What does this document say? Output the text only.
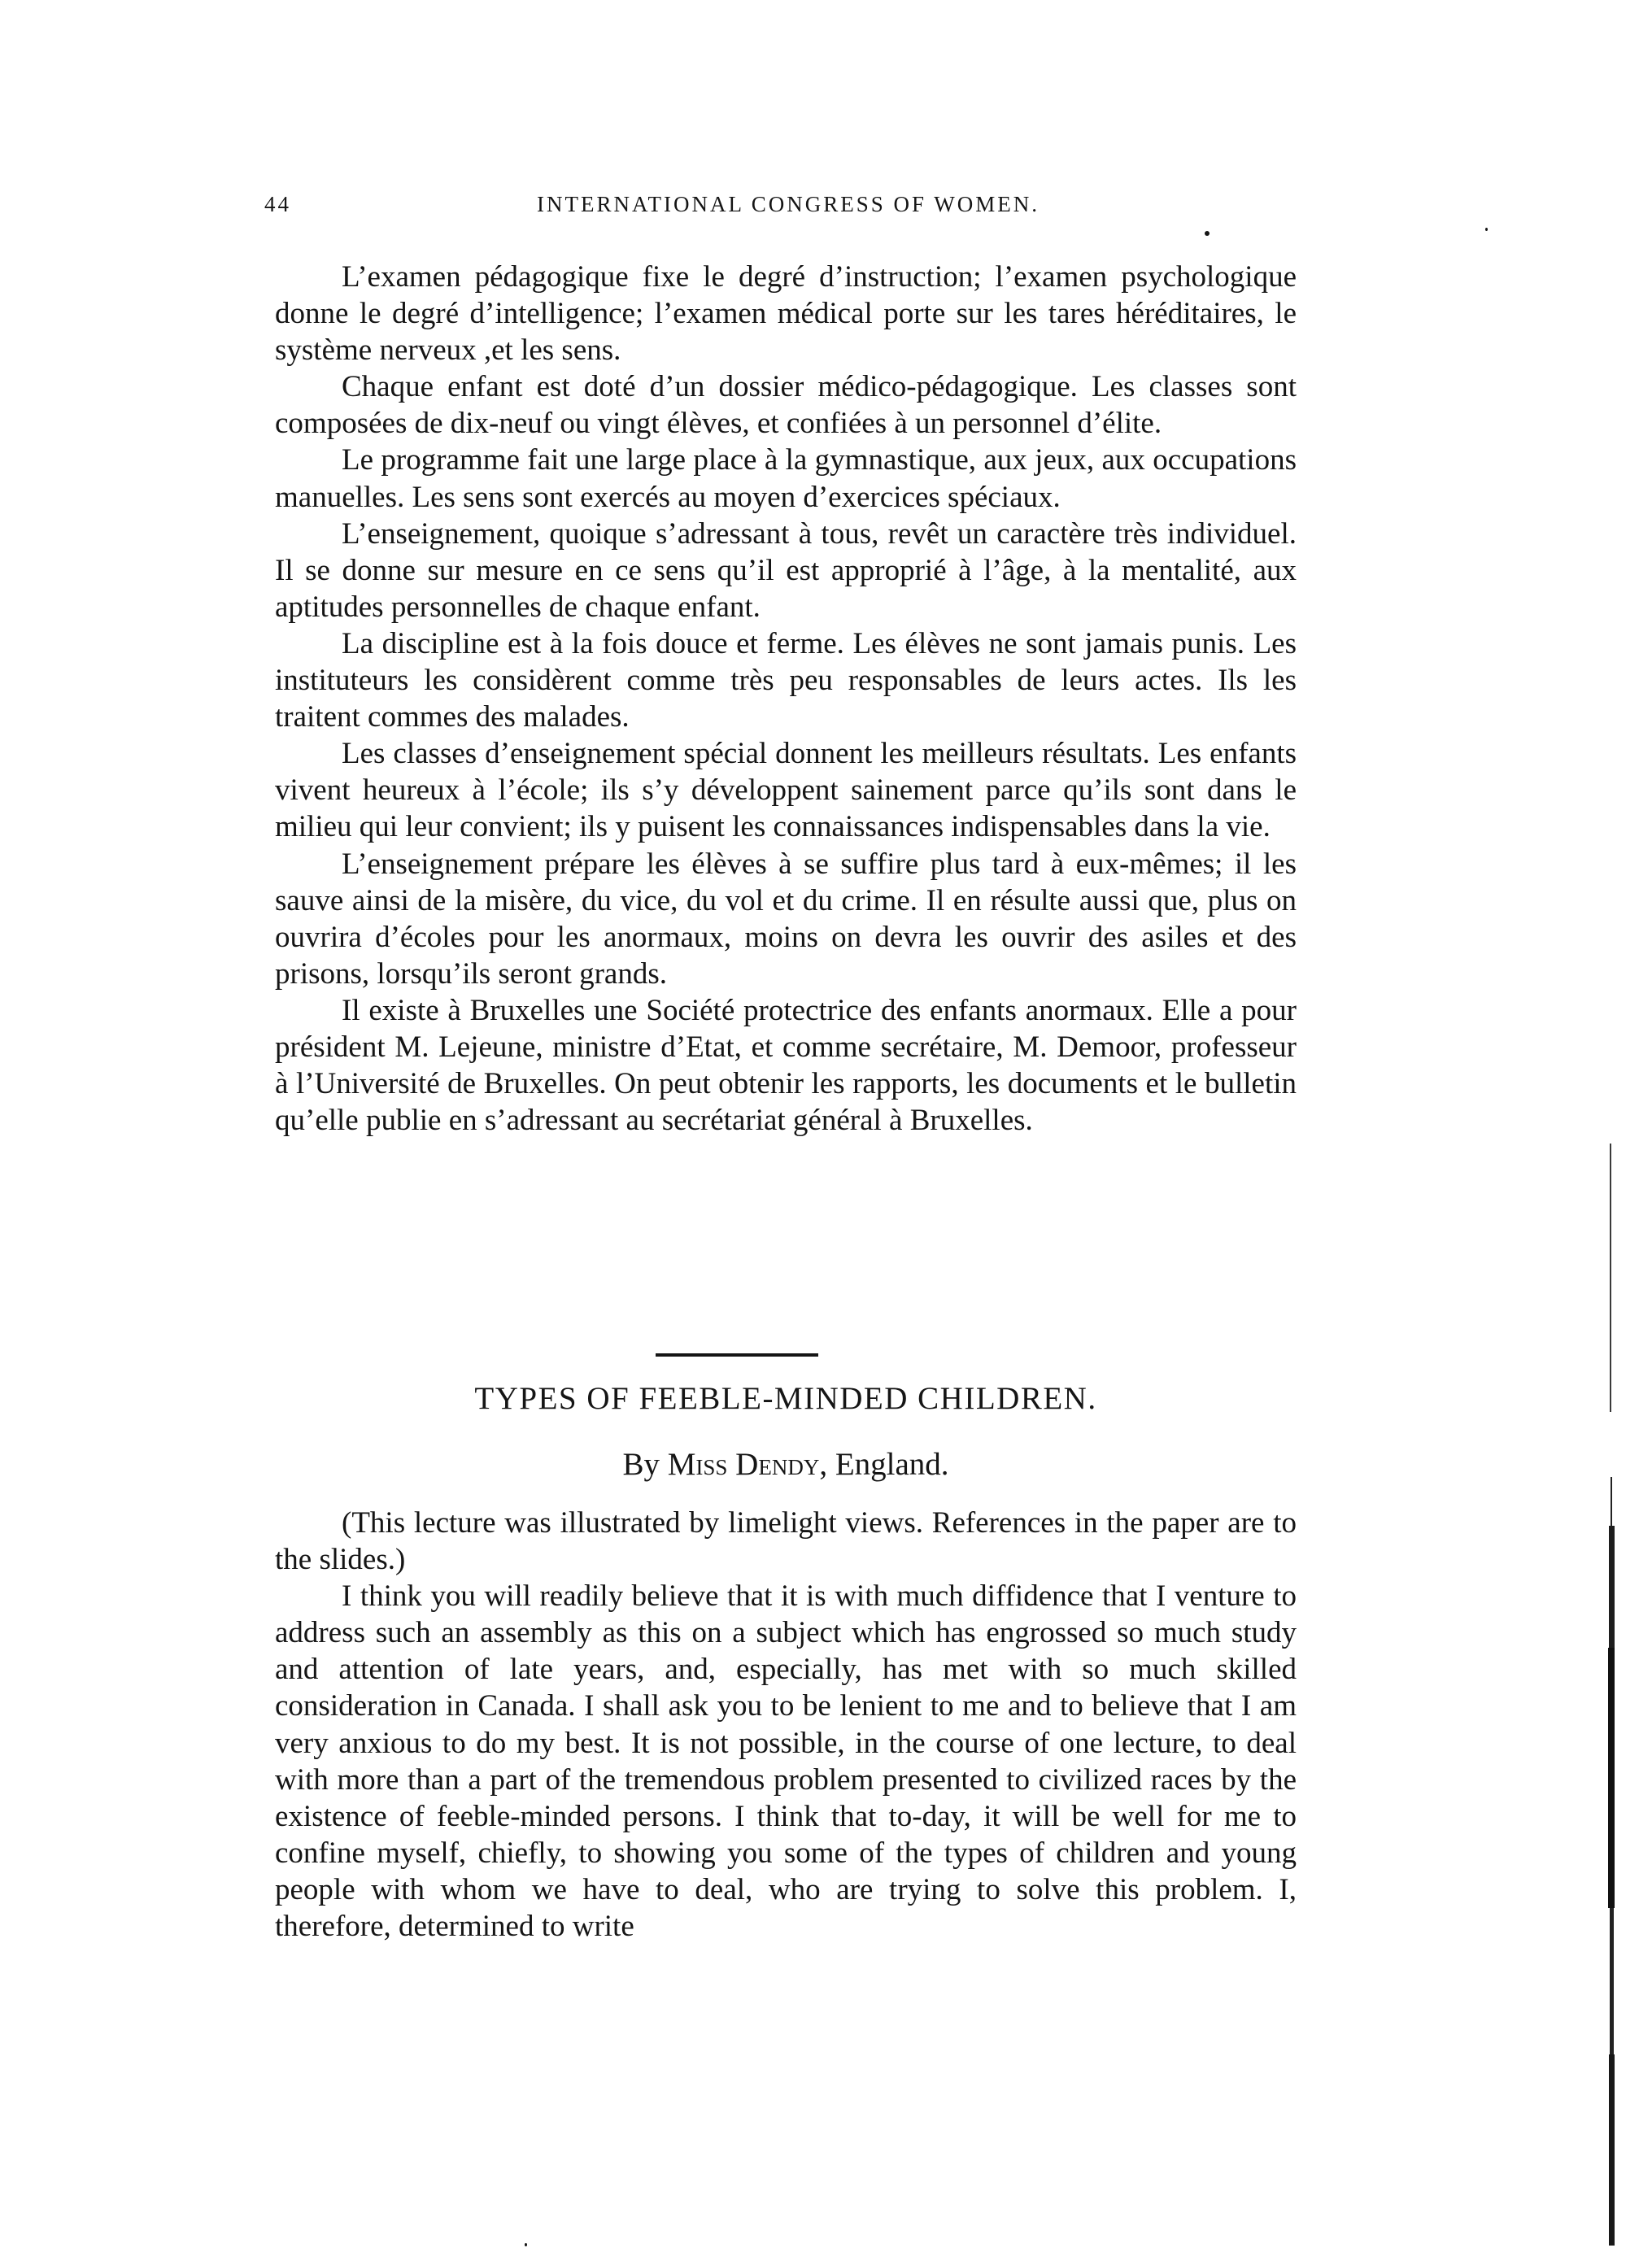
44	INTERNATIONAL CONGRESS OF WOMEN.

L’examen pédagogique fixe le degré d’instruction; l’examen psychologique donne le degré d’intelligence; l’examen médical porte sur les tares héréditaires, le système nerveux ,et les sens.

Chaque enfant est doté d’un dossier médico-pédagogique. Les classes sont composées de dix-neuf ou vingt élèves, et confiées à un personnel d’élite.

Le programme fait une large place à la gymnastique, aux jeux, aux occupations manuelles. Les sens sont exercés au moyen d’exercices spéciaux.

L’enseignement, quoique s’adressant à tous, revêt un caractère très individuel. Il se donne sur mesure en ce sens qu’il est approprié à l’âge, à la mentalité, aux aptitudes personnelles de chaque enfant.

La discipline est à la fois douce et ferme. Les élèves ne sont jamais punis. Les instituteurs les considèrent comme très peu responsables de leurs actes. Ils les traitent commes des malades.

Les classes d’enseignement spécial donnent les meilleurs résultats. Les enfants vivent heureux à l’école; ils s’y développent sainement parce qu’ils sont dans le milieu qui leur convient; ils y puisent les connaissances indispensables dans la vie.

L’enseignement prépare les élèves à se suffire plus tard à eux-mêmes; il les sauve ainsi de la misère, du vice, du vol et du crime. Il en résulte aussi que, plus on ouvrira d’écoles pour les anormaux, moins on devra les ouvrir des asiles et des prisons, lorsqu’ils seront grands.

Il existe à Bruxelles une Société protectrice des enfants anormaux. Elle a pour président M. Lejeune, ministre d’Etat, et comme secrétaire, M. Demoor, professeur à l’Université de Bruxelles. On peut obtenir les rapports, les documents et le bulletin qu’elle publie en s’adressant au secrétariat général à Bruxelles.

TYPES OF FEEBLE-MINDED CHILDREN.
By Miss Dendy, England.

(This lecture was illustrated by limelight views. References in the paper are to the slides.)

I think you will readily believe that it is with much diffidence that I venture to address such an assembly as this on a subject which has engrossed so much study and attention of late years, and, especially, has met with so much skilled consideration in Canada. I shall ask you to be lenient to me and to believe that I am very anxious to do my best. It is not possible, in the course of one lecture, to deal with more than a part of the tremendous problem presented to civilized races by the existence of feeble-minded persons. I think that to-day, it will be well for me to confine myself, chiefly, to showing you some of the types of children and young people with whom we have to deal, who are trying to solve this problem. I, therefore, determined to write
